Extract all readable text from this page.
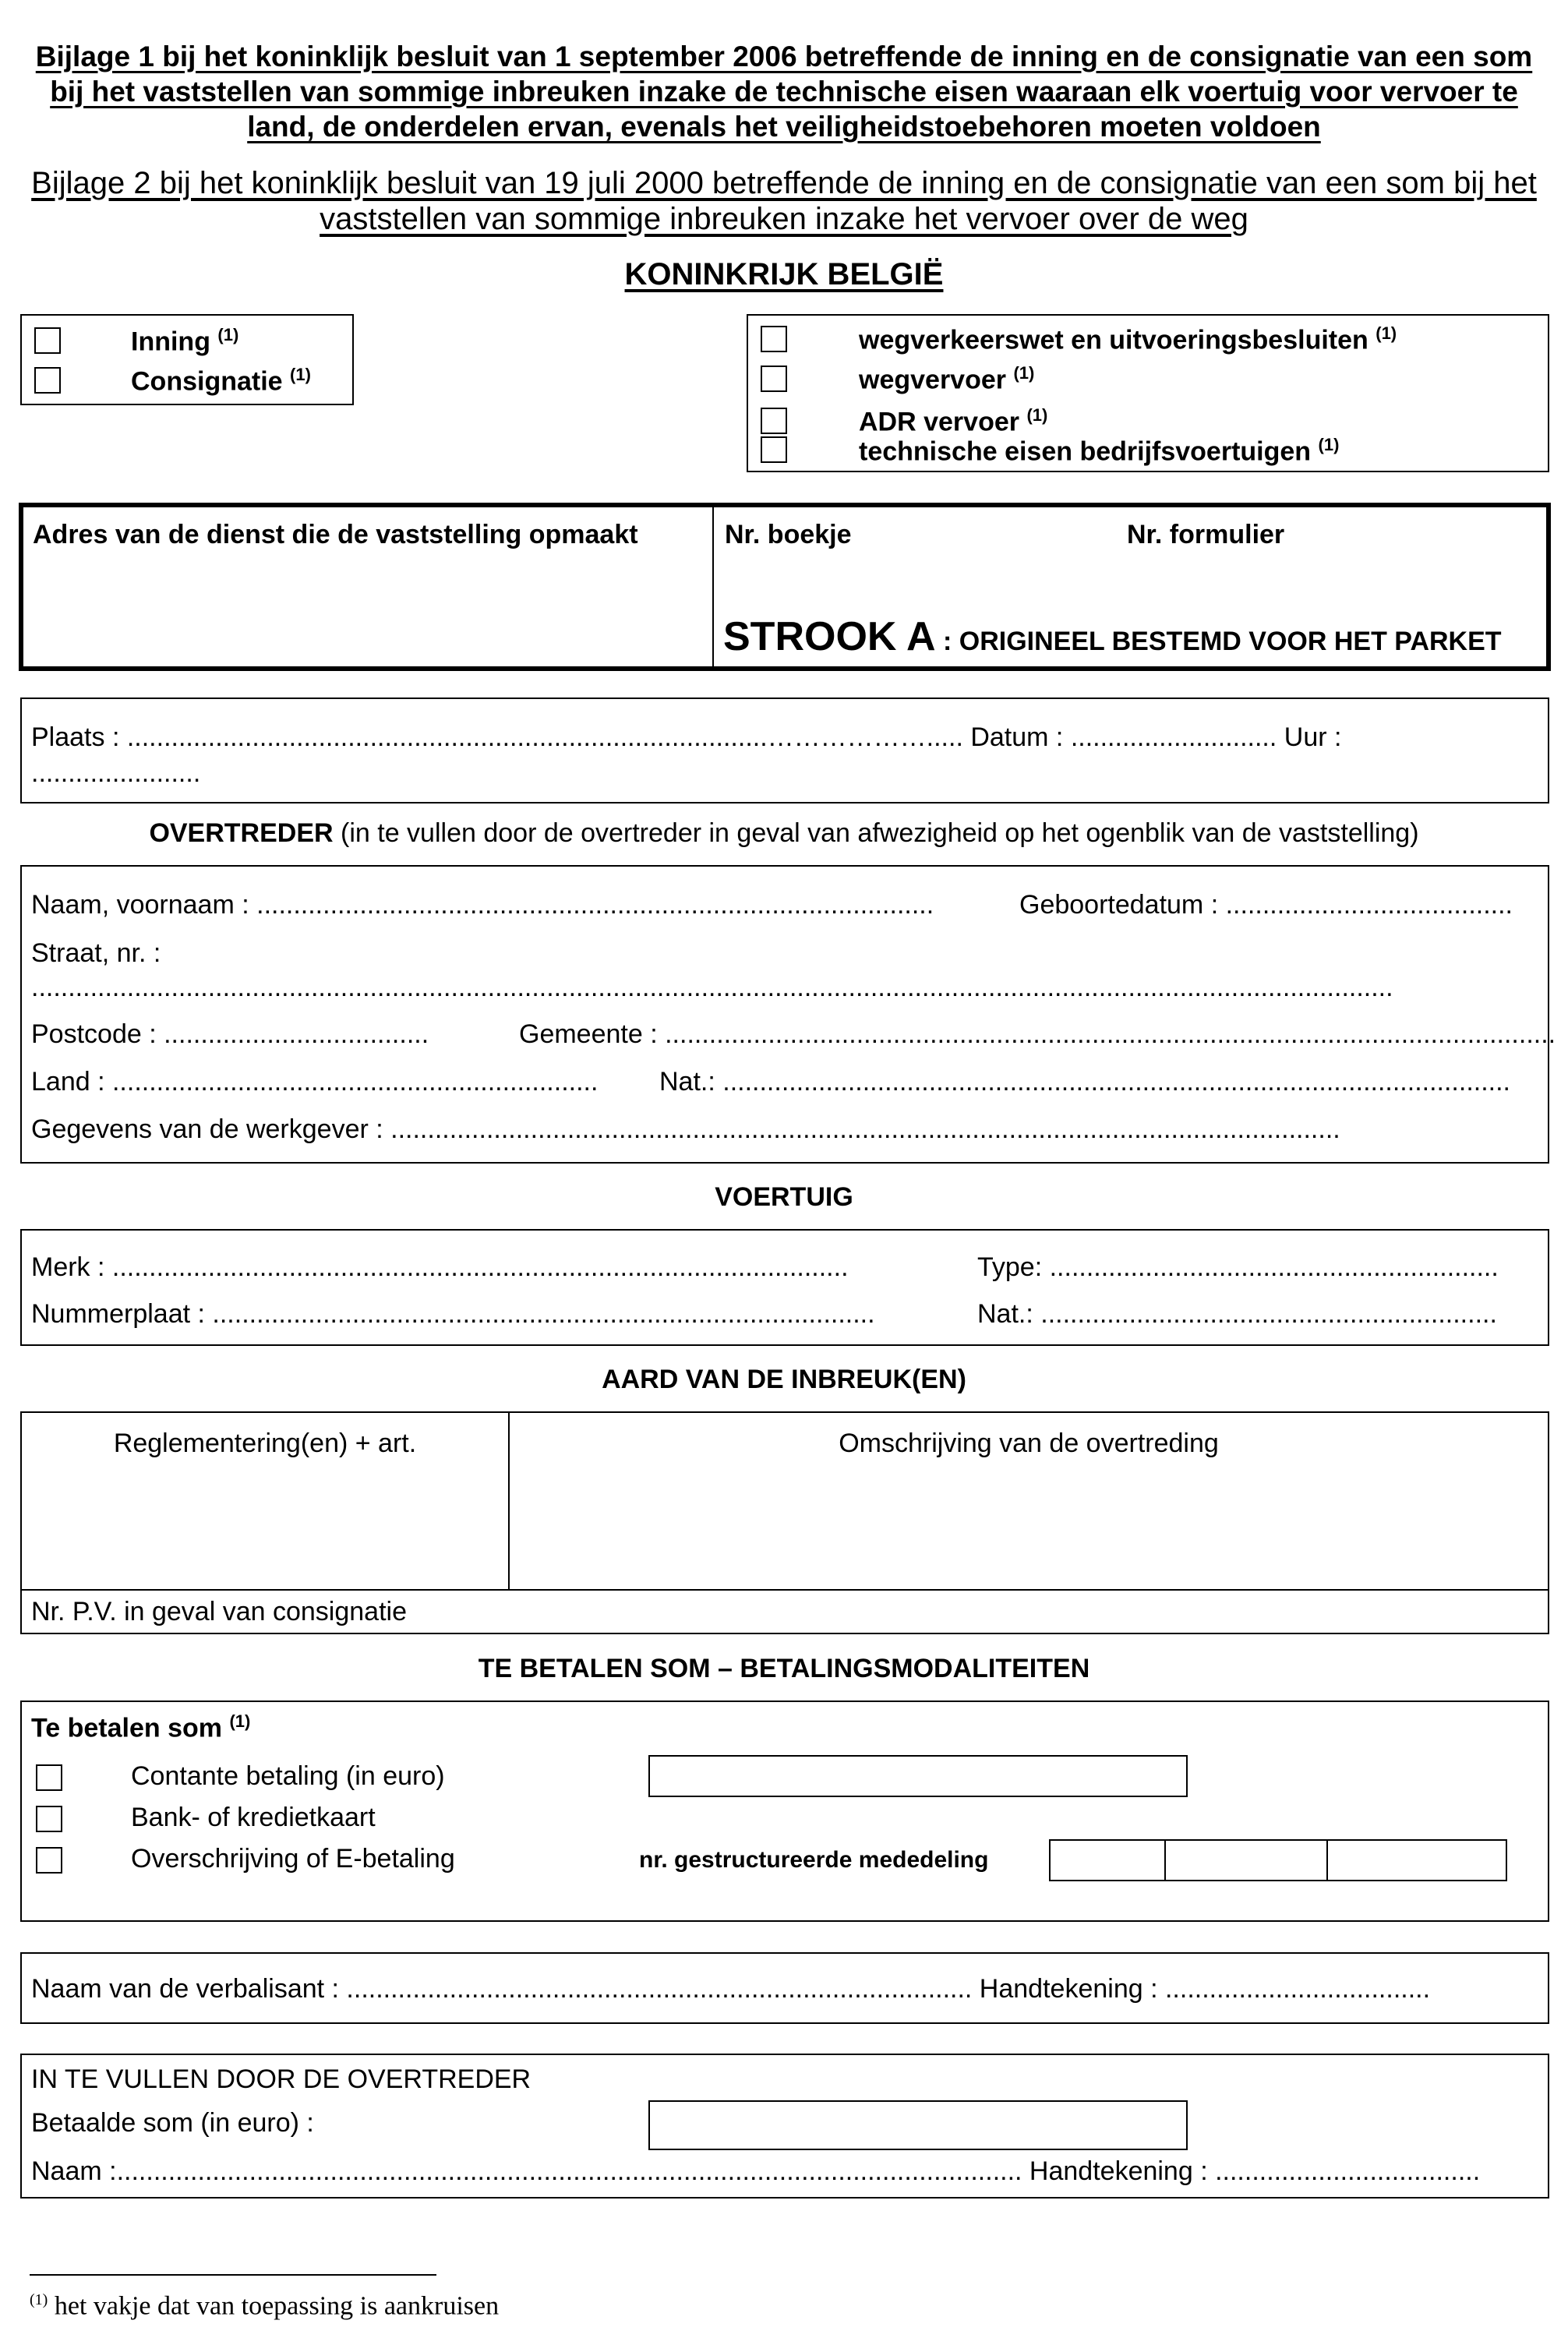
Bijlage 1 bij het koninklijk besluit van 1 september 2006 betreffende de inning en de consignatie van een som bij het vaststellen van sommige inbreuken inzake de technische eisen waaraan elk voertuig voor vervoer te land, de onderdelen ervan, evenals het veiligheidstoebehoren moeten voldoen
Bijlage 2 bij het koninklijk besluit van 19 juli 2000 betreffende de inning en de consignatie van een som bij het vaststellen van sommige inbreuken inzake het vervoer over de weg
KONINKRIJK BELGIË
Inning $^{(1)}$
Consignatie $^{(1)}$
wegverkeerswet en uitvoeringsbesluiten $^{(1)}$
wegvervoer $^{(1)}$
ADR vervoer $^{(1)}$
technische eisen bedrijfsvoertuigen $^{(1)}$
Adres van de dienst die de vaststelling opmaakt	Nr. boekje	Nr. formulier
STROOK A : ORIGINEEL BESTEMD VOOR HET PARKET
Plaats : .......................................................................................………………..... Datum : ............................ Uur :
.......................
OVERTREDER (in te vullen door de overtreder in geval van afwezigheid op het ogenblik van de vaststelling)
Naam, voornaam : ............................................................................................	Geboortedatum : .......................................
Straat, nr. :
.........................................................................................................................................................................................
Postcode : ....................................	Gemeente : .........................................................................................................................
Land : .................................................................. Nat.: ...........................................................................................................
Gegevens van de werkgever : .................................................................................................................................
VOERTUIG
Merk : ....................................................................................................	Type: .............................................................
Nummerplaat : ..........................................................................................	Nat.: ..............................................................
AARD VAN DE INBREUK(EN)
Reglementering(en) + art.	Omschrijving van de overtreding
Nr. P.V. in geval van consignatie
TE BETALEN SOM – BETALINGSMODALITEITEN
Te betalen som $^{(1)}$
Contante betaling (in euro)
Bank- of kredietkaart
Overschrijving of E-betaling	nr. gestructureerde mededeling
Naam van de verbalisant : ..................................................................................... Handtekening : ....................................
IN TE VULLEN DOOR DE OVERTREDER
Betaalde som (in euro) :
Naam :........................................................................................................................... Handtekening : ....................................
$^{(1)}$ het vakje dat van toepassing is aankruisen
